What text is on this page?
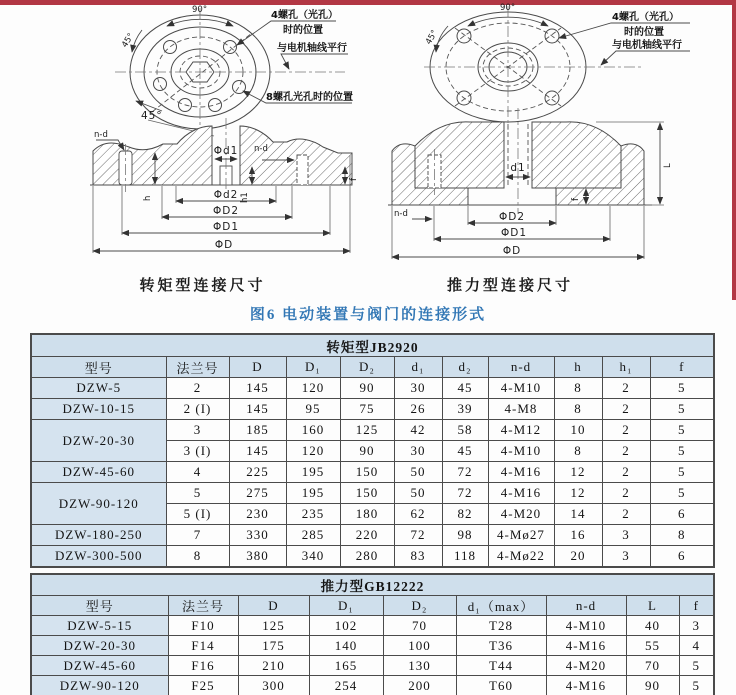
90°
45°
45°
4螺孔（光孔）
时的位置
与电机轴线平行
8螺孔光孔时的位置
90°
45°
4螺孔（光孔）
时的位置
与电机轴线平行
Φd1
n-d
n-d
h	h1
f
Φd2
ΦD2
ΦD1
ΦD
d1
n-d
L
f
ΦD2
ΦD1
ΦD
转矩型连接尺寸	推力型连接尺寸
图6 电动装置与阀门的连接形式
转矩型JB2920										
型号	法兰号	D	D₁	D₂	d₁	d₂	n-d	h	h₁	f
DZW-5	2	145	120	90	30	45	4-M10	8	2	5
DZW-10-15	2 (I)	145	95	75	26	39	4-M8	8	2	5
DZW-20-30	3	185	160	125	42	58	4-M12	10	2	5
	3 (I)	145	120	90	30	45	4-M10	8	2	5
DZW-45-60	4	225	195	150	50	72	4-M16	12	2	5
DZW-90-120	5	275	195	150	50	72	4-M16	12	2	5
	5 (I)	230	235	180	62	82	4-M20	14	2	6
DZW-180-250	7	330	285	220	72	98	4-Mø27	16	3	8
DZW-300-500	8	380	340	280	83	118	4-Mø22	20	3	6
推力型GB12222								
型号	法兰号	D	D₁	D₂	d₁（max）	n-d	L	f
DZW-5-15	F10	125	102	70	T28	4-M10	40	3
DZW-20-30	F14	175	140	100	T36	4-M16	55	4
DZW-45-60	F16	210	165	130	T44	4-M20	70	5
DZW-90-120	F25	300	254	200	T60	4-M16	90	5
